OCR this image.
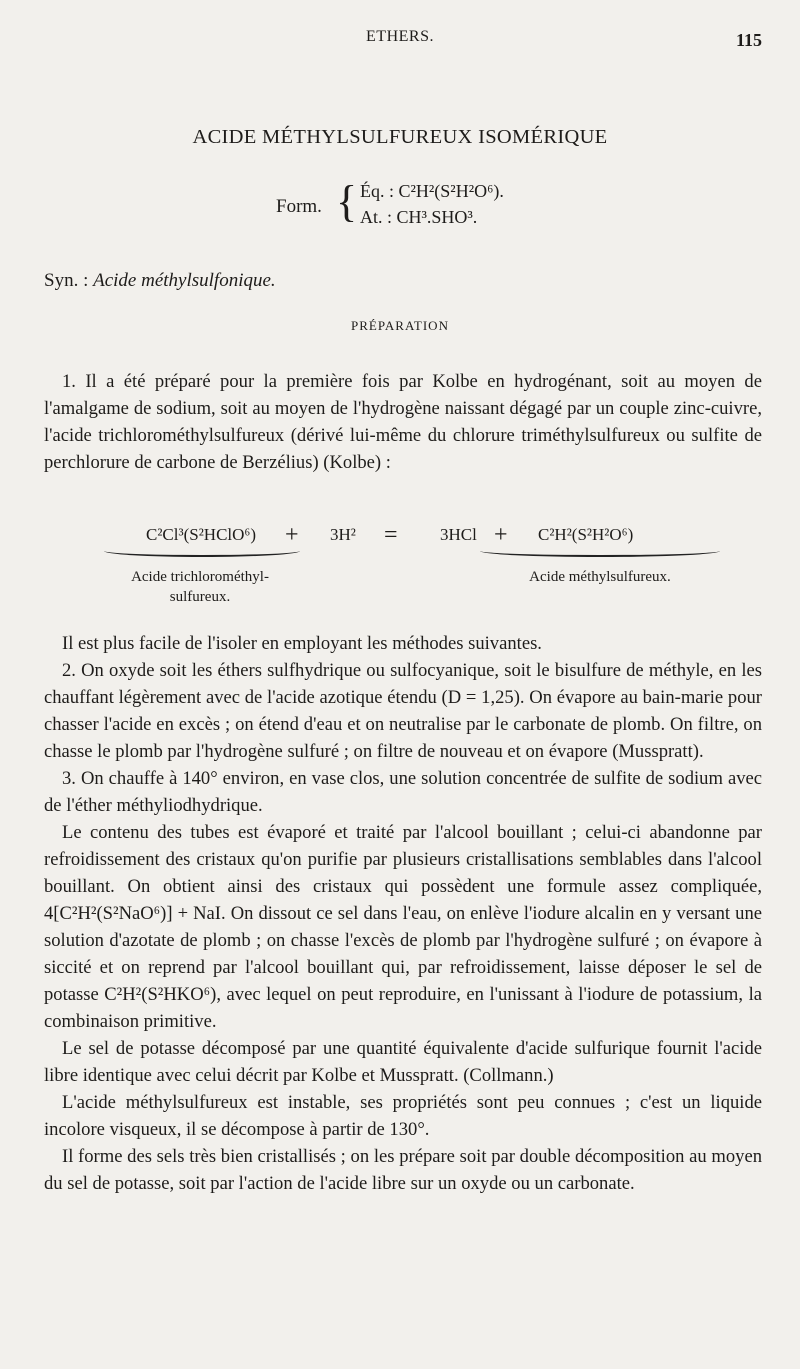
ETHERS.	115
ACIDE MÉTHYLSULFUREUX ISOMÉRIQUE
Form. { Éq. : C²H²(S²H²O⁶).
At. : CH³.SHO³.
Syn. : Acide méthylsulfonique.
PRÉPARATION

1. Il a été préparé pour la première fois par Kolbe en hydrogénant, soit au moyen de l'amalgame de sodium, soit au moyen de l'hydrogène naissant dégagé par un couple zinc-cuivre, l'acide trichlorométhylsulfureux (dérivé lui-même du chlorure triméthylsulfureux ou sulfite de perchlorure de carbone de Berzélius) (Kolbe) :

C²Cl³(S²HClO⁶) + 3H² = 3HCl + C²H²(S²H²O⁶)
Acide trichlorométhyl-
sulfureux.
Acide méthylsulfureux.

Il est plus facile de l'isoler en employant les méthodes suivantes.

2. On oxyde soit les éthers sulfhydrique ou sulfocyanique, soit le bisulfure de méthyle, en les chauffant légèrement avec de l'acide azotique étendu (D = 1,25). On évapore au bain-marie pour chasser l'acide en excès ; on étend d'eau et on neutralise par le carbonate de plomb. On filtre, on chasse le plomb par l'hydrogène sulfuré ; on filtre de nouveau et on évapore (Musspratt).

3. On chauffe à 140° environ, en vase clos, une solution concentrée de sulfite de sodium avec de l'éther méthyliodhydrique.

Le contenu des tubes est évaporé et traité par l'alcool bouillant ; celui-ci abandonne par refroidissement des cristaux qu'on purifie par plusieurs cristallisations semblables dans l'alcool bouillant. On obtient ainsi des cristaux qui possèdent une formule assez compliquée, 4[C²H²(S²NaO⁶)] + NaI. On dissout ce sel dans l'eau, on enlève l'iodure alcalin en y versant une solution d'azotate de plomb ; on chasse l'excès de plomb par l'hydrogène sulfuré ; on évapore à siccité et on reprend par l'alcool bouillant qui, par refroidissement, laisse déposer le sel de potasse C²H²(S²HKO⁶), avec lequel on peut reproduire, en l'unissant à l'iodure de potassium, la combinaison primitive.

Le sel de potasse décomposé par une quantité équivalente d'acide sulfurique fournit l'acide libre identique avec celui décrit par Kolbe et Musspratt. (Collmann.)

L'acide méthylsulfureux est instable, ses propriétés sont peu connues ; c'est un liquide incolore visqueux, il se décompose à partir de 130°.

Il forme des sels très bien cristallisés ; on les prépare soit par double décomposition au moyen du sel de potasse, soit par l'action de l'acide libre sur un oxyde ou un carbonate.
